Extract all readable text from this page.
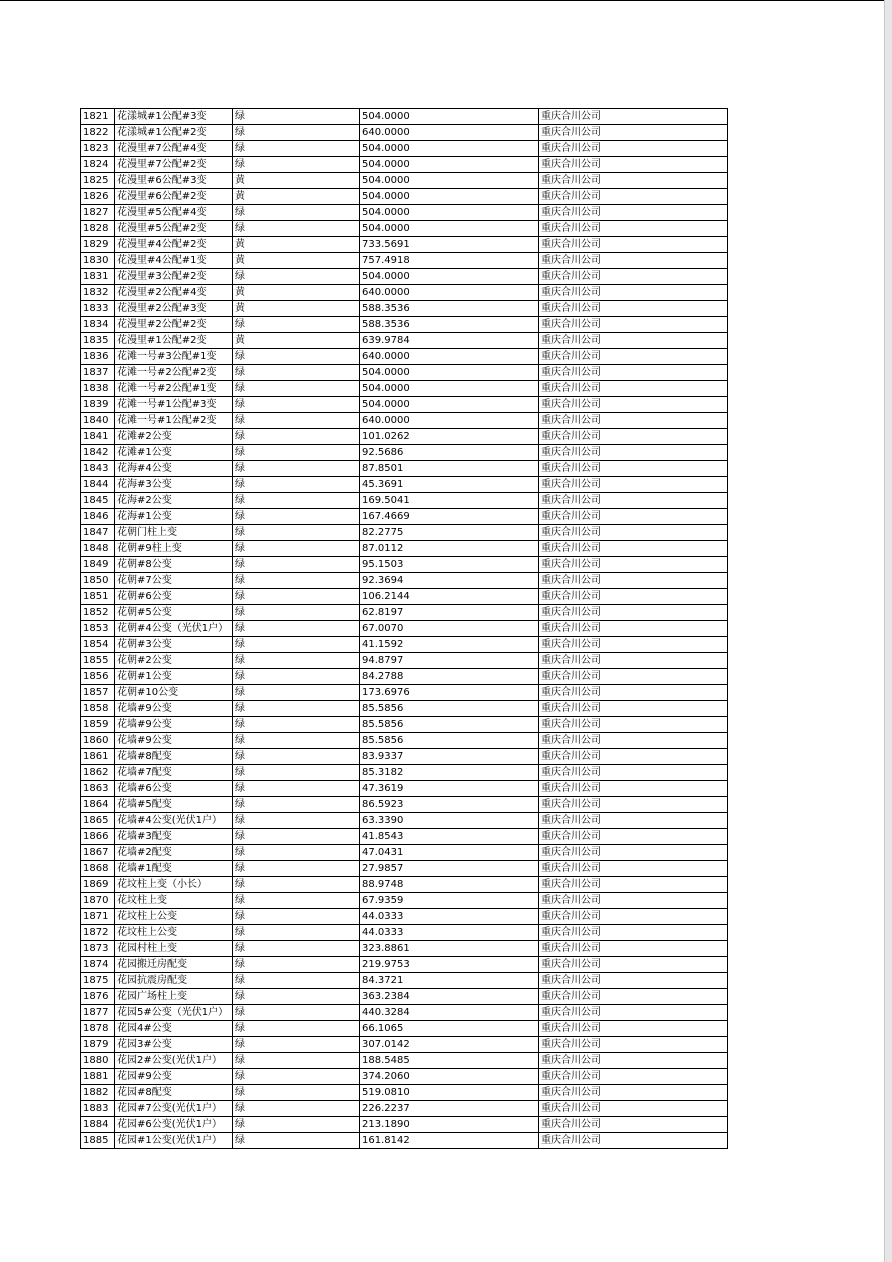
1821	花漾城#1公配#3变	绿	504.0000	重庆合川公司
1822	花漾城#1公配#2变	绿	640.0000	重庆合川公司
1823	花漫里#7公配#4变	绿	504.0000	重庆合川公司
1824	花漫里#7公配#2变	绿	504.0000	重庆合川公司
1825	花漫里#6公配#3变	黄	504.0000	重庆合川公司
1826	花漫里#6公配#2变	黄	504.0000	重庆合川公司
1827	花漫里#5公配#4变	绿	504.0000	重庆合川公司
1828	花漫里#5公配#2变	绿	504.0000	重庆合川公司
1829	花漫里#4公配#2变	黄	733.5691	重庆合川公司
1830	花漫里#4公配#1变	黄	757.4918	重庆合川公司
1831	花漫里#3公配#2变	绿	504.0000	重庆合川公司
1832	花漫里#2公配#4变	黄	640.0000	重庆合川公司
1833	花漫里#2公配#3变	黄	588.3536	重庆合川公司
1834	花漫里#2公配#2变	绿	588.3536	重庆合川公司
1835	花漫里#1公配#2变	黄	639.9784	重庆合川公司
1836	花滩一号#3公配#1变	绿	640.0000	重庆合川公司
1837	花滩一号#2公配#2变	绿	504.0000	重庆合川公司
1838	花滩一号#2公配#1变	绿	504.0000	重庆合川公司
1839	花滩一号#1公配#3变	绿	504.0000	重庆合川公司
1840	花滩一号#1公配#2变	绿	640.0000	重庆合川公司
1841	花滩#2公变	绿	101.0262	重庆合川公司
1842	花滩#1公变	绿	92.5686	重庆合川公司
1843	花海#4公变	绿	87.8501	重庆合川公司
1844	花海#3公变	绿	45.3691	重庆合川公司
1845	花海#2公变	绿	169.5041	重庆合川公司
1846	花海#1公变	绿	167.4669	重庆合川公司
1847	花朝门柱上变	绿	82.2775	重庆合川公司
1848	花朝#9柱上变	绿	87.0112	重庆合川公司
1849	花朝#8公变	绿	95.1503	重庆合川公司
1850	花朝#7公变	绿	92.3694	重庆合川公司
1851	花朝#6公变	绿	106.2144	重庆合川公司
1852	花朝#5公变	绿	62.8197	重庆合川公司
1853	花朝#4公变（光伏1户）	绿	67.0070	重庆合川公司
1854	花朝#3公变	绿	41.1592	重庆合川公司
1855	花朝#2公变	绿	94.8797	重庆合川公司
1856	花朝#1公变	绿	84.2788	重庆合川公司
1857	花朝#10公变	绿	173.6976	重庆合川公司
1858	花墙#9公变	绿	85.5856	重庆合川公司
1859	花墙#9公变	绿	85.5856	重庆合川公司
1860	花墙#9公变	绿	85.5856	重庆合川公司
1861	花墙#8配变	绿	83.9337	重庆合川公司
1862	花墙#7配变	绿	85.3182	重庆合川公司
1863	花墙#6公变	绿	47.3619	重庆合川公司
1864	花墙#5配变	绿	86.5923	重庆合川公司
1865	花墙#4公变(光伏1户）	绿	63.3390	重庆合川公司
1866	花墙#3配变	绿	41.8543	重庆合川公司
1867	花墙#2配变	绿	47.0431	重庆合川公司
1868	花墙#1配变	绿	27.9857	重庆合川公司
1869	花坟柱上变（小长）	绿	88.9748	重庆合川公司
1870	花坟柱上变	绿	67.9359	重庆合川公司
1871	花坟柱上公变	绿	44.0333	重庆合川公司
1872	花坟柱上公变	绿	44.0333	重庆合川公司
1873	花园村柱上变	绿	323.8861	重庆合川公司
1874	花园搬迁房配变	绿	219.9753	重庆合川公司
1875	花园抗震房配变	绿	84.3721	重庆合川公司
1876	花园广场柱上变	绿	363.2384	重庆合川公司
1877	花园5#公变（光伏1户）	绿	440.3284	重庆合川公司
1878	花园4#公变	绿	66.1065	重庆合川公司
1879	花园3#公变	绿	307.0142	重庆合川公司
1880	花园2#公变(光伏1户）	绿	188.5485	重庆合川公司
1881	花园#9公变	绿	374.2060	重庆合川公司
1882	花园#8配变	绿	519.0810	重庆合川公司
1883	花园#7公变(光伏1户）	绿	226.2237	重庆合川公司
1884	花园#6公变(光伏1户）	绿	213.1890	重庆合川公司
1885	花园#1公变(光伏1户）	绿	161.8142	重庆合川公司
